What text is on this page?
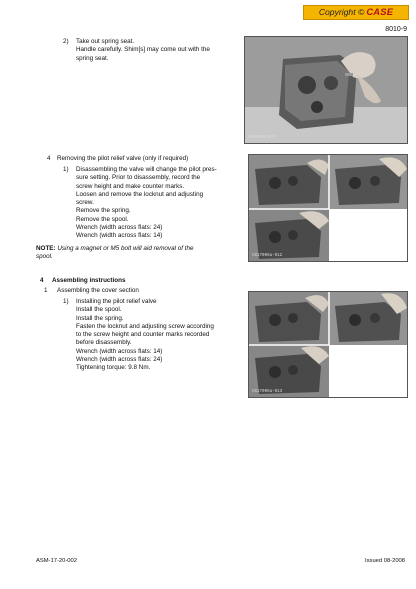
Copyright © CASE
8010-9
2) Take out spring seat.
Handle carefully. Shim[s] may come out with the
spring seat.
AS09002-017
4 Removing the pilot relief valve (only if required)
1) Disassembling the valve will change the pilot pres-
sure setting. Prior to disassembly, record the
screw height and make counter marks.
Loosen and remove the locknut and adjusting
screw.
Remove the spring.
Remove the spool.
Wrench (width across flats: 24)
Wrench (width across flats: 14)
NOTE: Using a magnet or M5 bolt will aid removal of the
spool.	AS17006a-012
4 Assembling instructions
1 Assembling the cover section
1) Installing the pilot relief valve
Install the spool.
Install the spring.
Fasten the locknut and adjusting screw according
to the screw height and counter marks recorded
before disassembly.
Wrench (width across flats: 14)
Wrench (width across flats: 24)
Tightening torque: 9.8 Nm.
AS17006a-013
ASM-17-20-002	Issued 08-2008
